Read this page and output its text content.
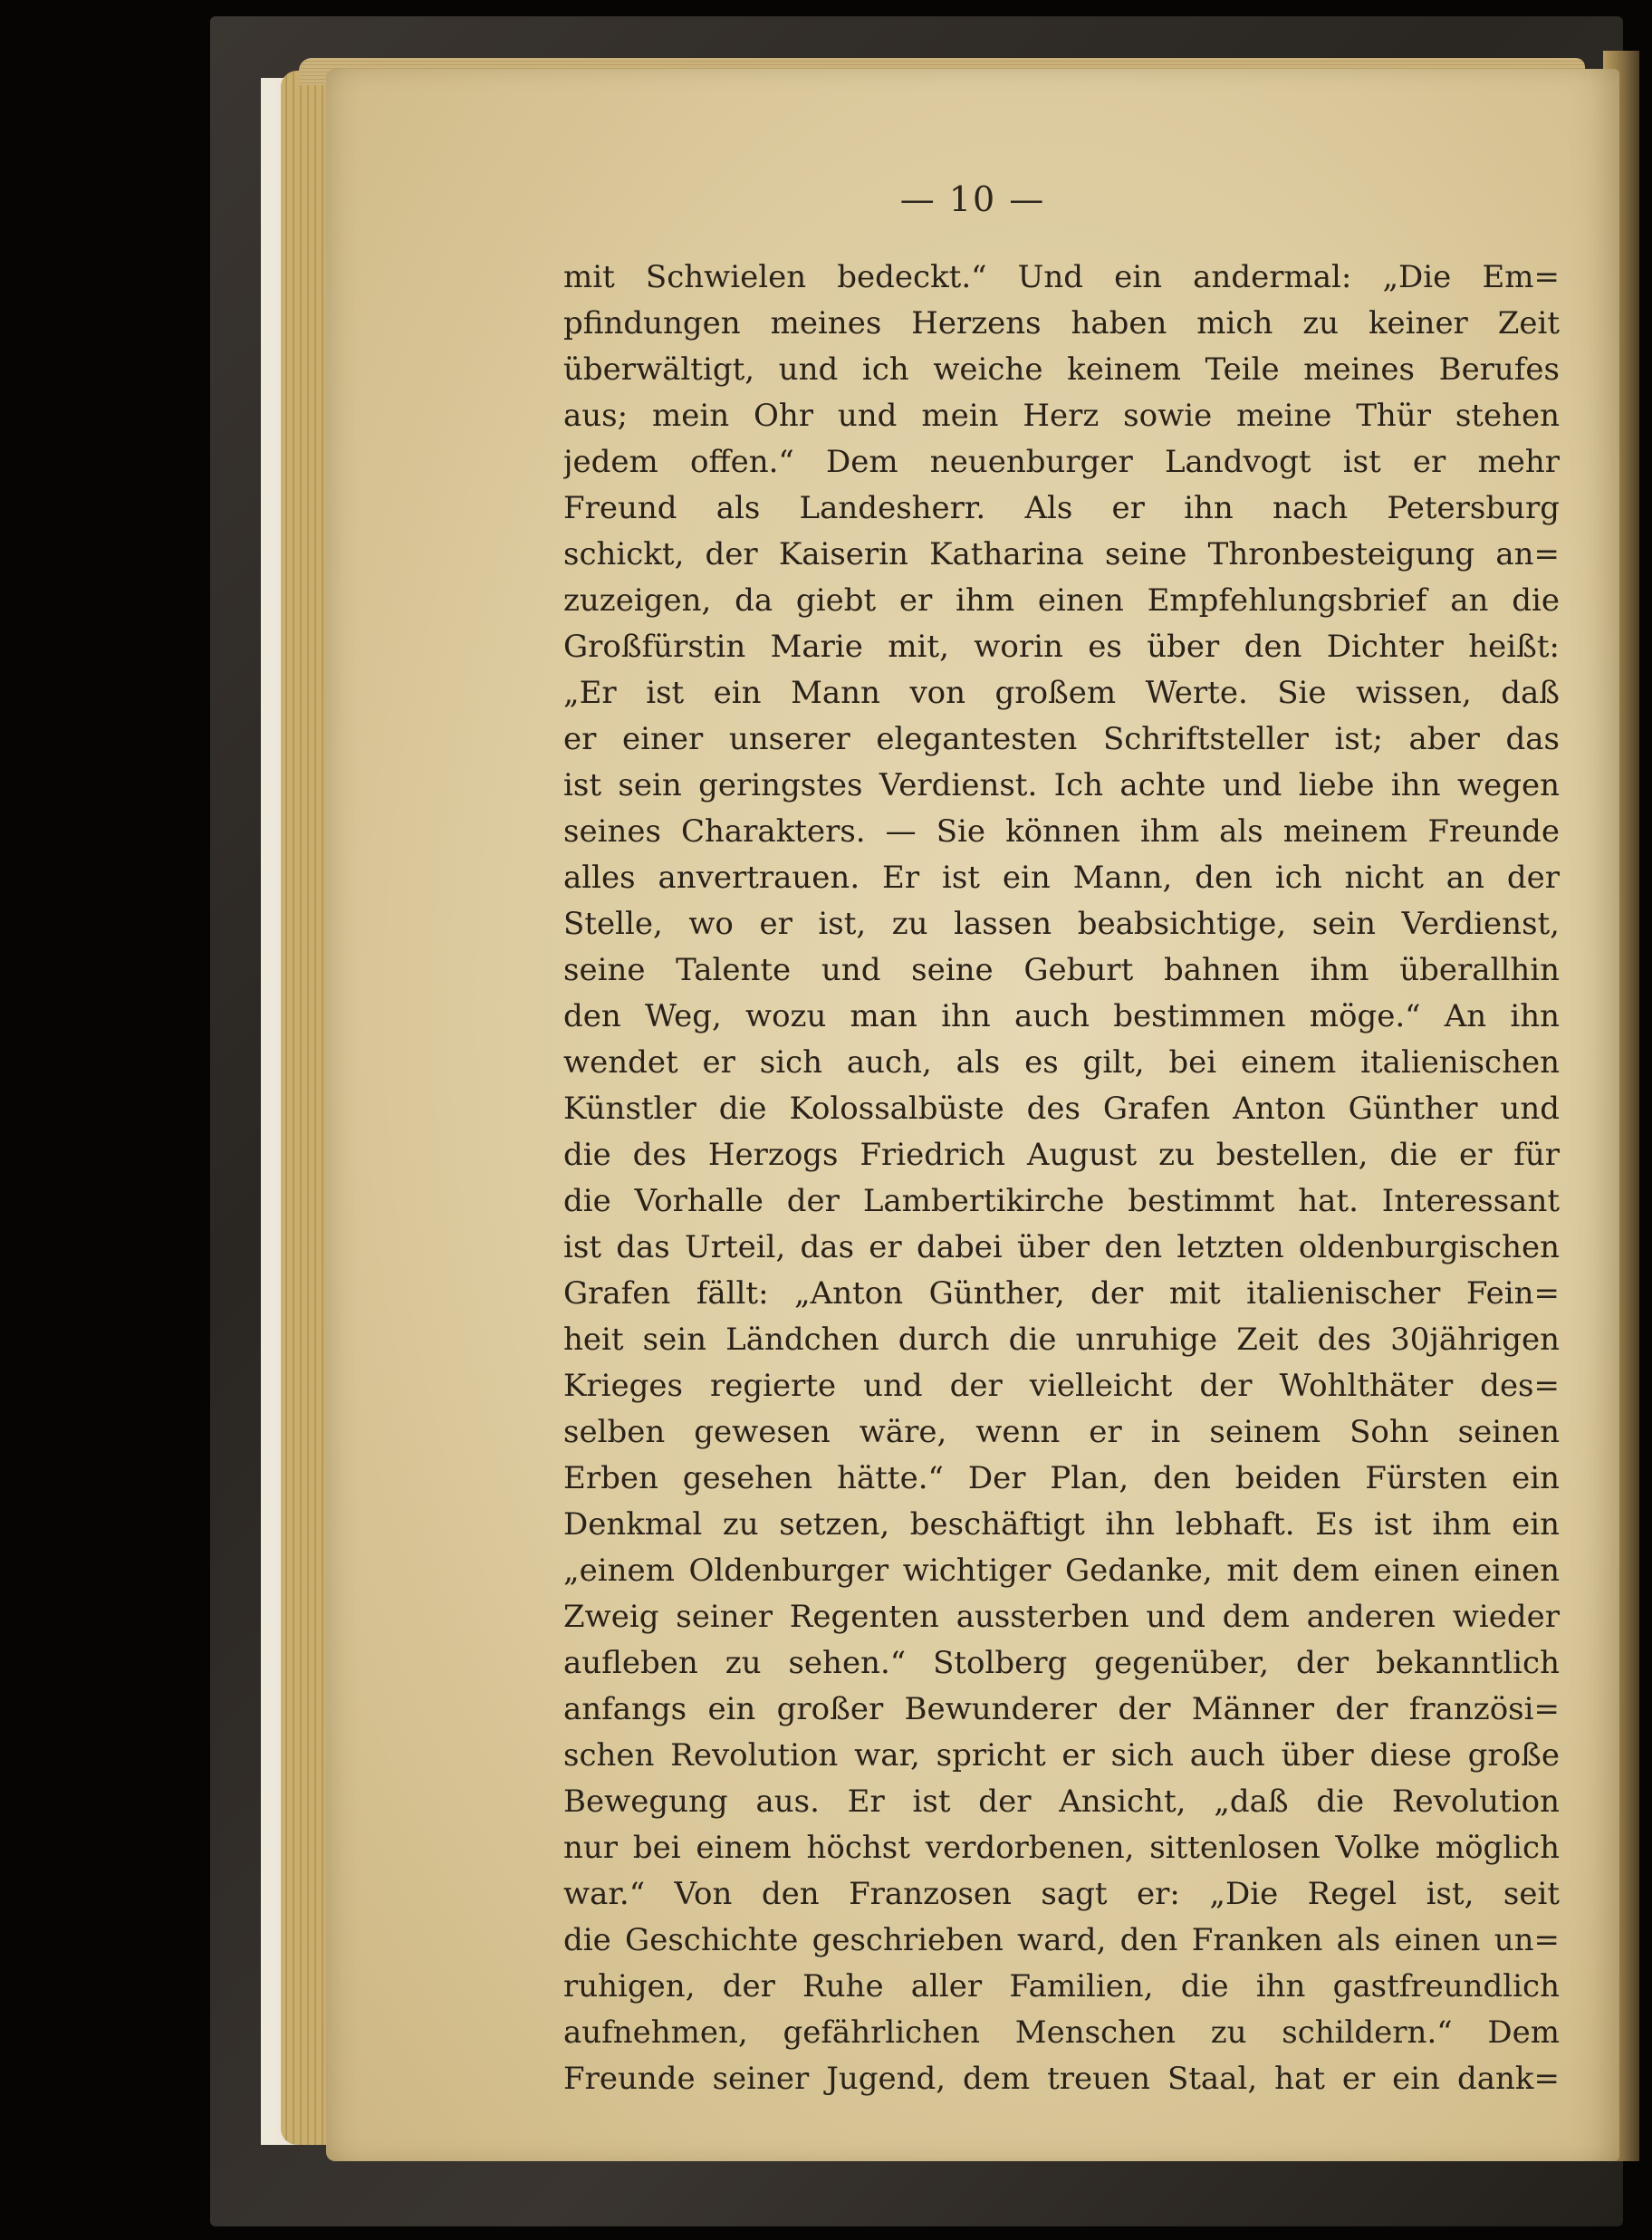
— 10 —
mit Schwielen bedeckt.“ Und ein andermal: „Die Em=
pfindungen meines Herzens haben mich zu keiner Zeit
überwältigt, und ich weiche keinem Teile meines Berufes
aus; mein Ohr und mein Herz sowie meine Thür stehen
jedem offen.“ Dem neuenburger Landvogt ist er mehr
Freund als Landesherr. Als er ihn nach Petersburg
schickt, der Kaiserin Katharina seine Thronbesteigung an=
zuzeigen, da giebt er ihm einen Empfehlungsbrief an die
Großfürstin Marie mit, worin es über den Dichter heißt:
„Er ist ein Mann von großem Werte. Sie wissen, daß
er einer unserer elegantesten Schriftsteller ist; aber das
ist sein geringstes Verdienst. Ich achte und liebe ihn wegen
seines Charakters. — Sie können ihm als meinem Freunde
alles anvertrauen. Er ist ein Mann, den ich nicht an der
Stelle, wo er ist, zu lassen beabsichtige, sein Verdienst,
seine Talente und seine Geburt bahnen ihm überallhin
den Weg, wozu man ihn auch bestimmen möge.“ An ihn
wendet er sich auch, als es gilt, bei einem italienischen
Künstler die Kolossalbüste des Grafen Anton Günther und
die des Herzogs Friedrich August zu bestellen, die er für
die Vorhalle der Lambertikirche bestimmt hat. Interessant
ist das Urteil, das er dabei über den letzten oldenburgischen
Grafen fällt: „Anton Günther, der mit italienischer Fein=
heit sein Ländchen durch die unruhige Zeit des 30jährigen
Krieges regierte und der vielleicht der Wohlthäter des=
selben gewesen wäre, wenn er in seinem Sohn seinen
Erben gesehen hätte.“ Der Plan, den beiden Fürsten ein
Denkmal zu setzen, beschäftigt ihn lebhaft. Es ist ihm ein
„einem Oldenburger wichtiger Gedanke, mit dem einen einen
Zweig seiner Regenten aussterben und dem anderen wieder
aufleben zu sehen.“ Stolberg gegenüber, der bekanntlich
anfangs ein großer Bewunderer der Männer der französi=
schen Revolution war, spricht er sich auch über diese große
Bewegung aus. Er ist der Ansicht, „daß die Revolution
nur bei einem höchst verdorbenen, sittenlosen Volke möglich
war.“ Von den Franzosen sagt er: „Die Regel ist, seit
die Geschichte geschrieben ward, den Franken als einen un=
ruhigen, der Ruhe aller Familien, die ihn gastfreundlich
aufnehmen, gefährlichen Menschen zu schildern.“ Dem
Freunde seiner Jugend, dem treuen Staal, hat er ein dank=
